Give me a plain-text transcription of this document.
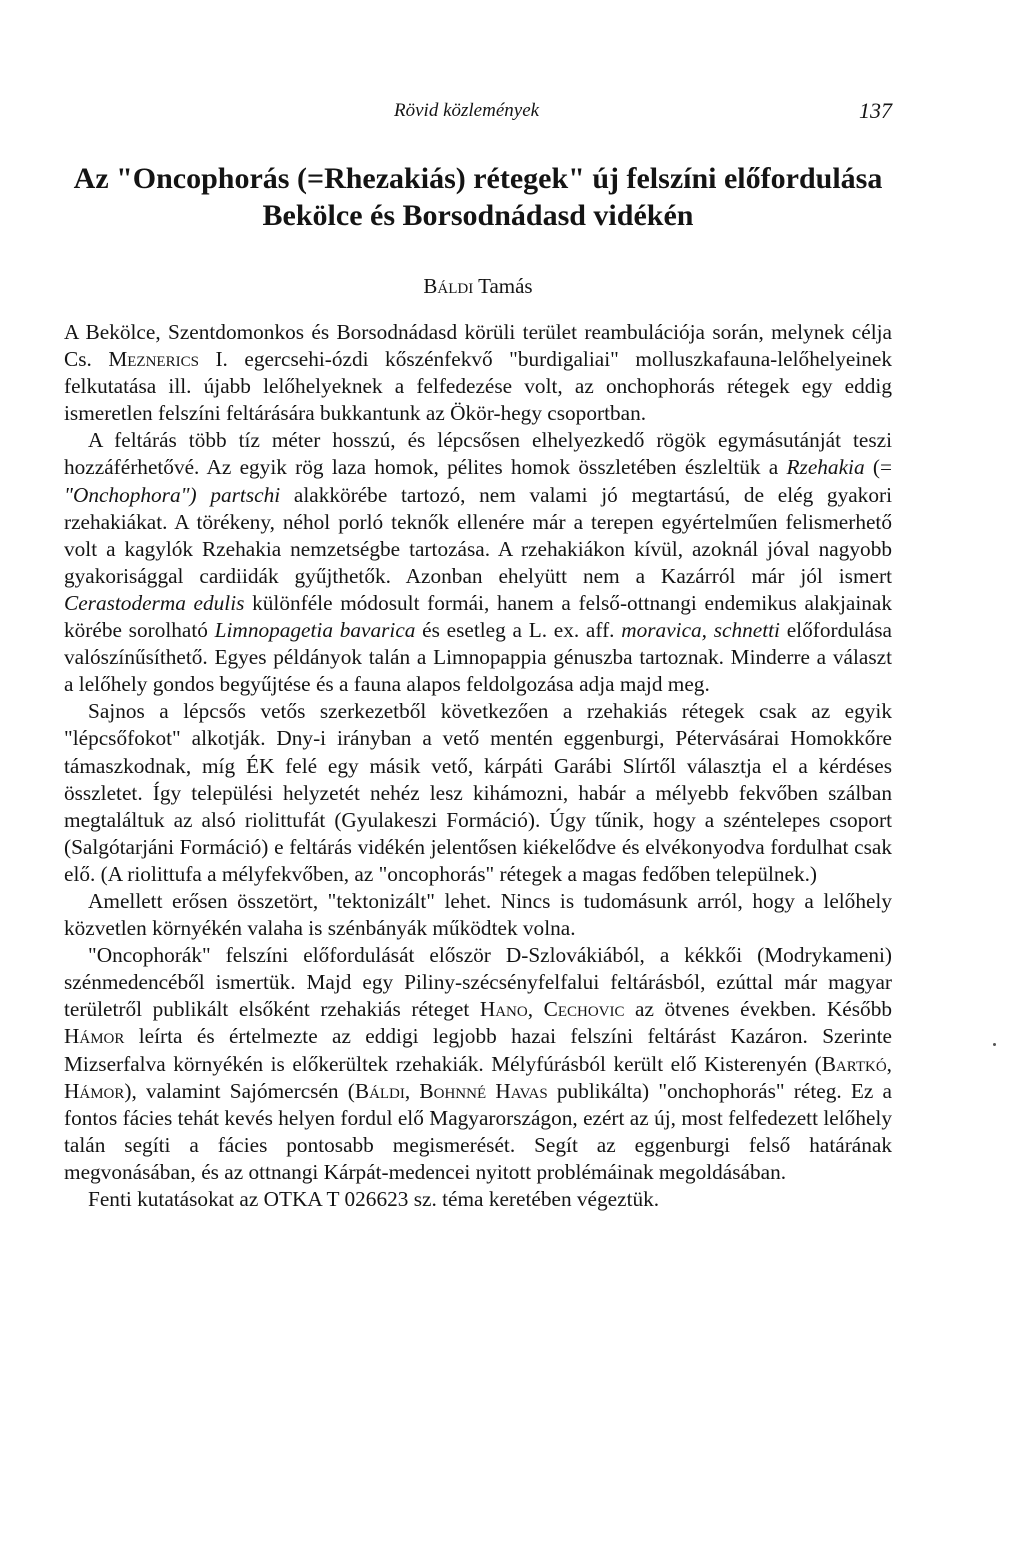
Rövid közlemények	137
Az "Oncophorás (=Rhezakiás) rétegek" új felszíni előfordulása
Bekölce és Borsodnádasd vidékén
Báldi Tamás

A Bekölce, Szentdomonkos és Borsodnádasd körüli terület reambulációja során, melynek célja Cs. Meznerics I. egercsehi-ózdi kőszénfekvő "burdigaliai" molluszkafauna-lelőhelyeinek felkutatása ill. újabb lelőhelyeknek a felfedezése volt, az onchophorás rétegek egy eddig ismeretlen felszíni feltárására bukkantunk az Ökör-hegy csoportban.

A feltárás több tíz méter hosszú, és lépcsősen elhelyezkedő rögök egymásutánját teszi hozzáférhetővé. Az egyik rög laza homok, pélites homok összletében észleltük a Rzehakia (= "Onchophora") partschi alakkörébe tartozó, nem valami jó megtartású, de elég gyakori rzehakiákat. A törékeny, néhol porló teknők ellenére már a terepen egyértelműen felismerhető volt a kagylók Rzehakia nemzetségbe tartozása. A rzehakiákon kívül, azoknál jóval nagyobb gyakorisággal cardiidák gyűjthetők. Azonban ehelyütt nem a Kazárról már jól ismert Cerastoderma edulis különféle módosult formái, hanem a felső-ottnangi endemikus alakjainak körébe sorolható Limnopagetia bavarica és esetleg a L. ex. aff. moravica, schnetti előfordulása valószínűsíthető. Egyes példányok talán a Limnopappia génuszba tartoznak. Minderre a választ a lelőhely gondos begyűjtése és a fauna alapos feldolgozása adja majd meg.

Sajnos a lépcsős vetős szerkezetből következően a rzehakiás rétegek csak az egyik "lépcsőfokot" alkotják. Dny-i irányban a vető mentén eggenburgi, Pétervásárai Homokkőre támaszkodnak, míg ÉK felé egy másik vető, kárpáti Garábi Slírtől választja el a kérdéses összletet. Így települési helyzetét nehéz lesz kihámozni, habár a mélyebb fekvőben szálban megtaláltuk az alsó riolittufát (Gyulakeszi Formáció). Úgy tűnik, hogy a széntelepes csoport (Salgótarjáni Formáció) e feltárás vidékén jelentősen kiékelődve és elvékonyodva fordulhat csak elő. (A riolittufa a mélyfekvőben, az "oncophorás" rétegek a magas fedőben települnek.)

Amellett erősen összetört, "tektonizált" lehet. Nincs is tudomásunk arról, hogy a lelőhely közvetlen környékén valaha is szénbányák működtek volna.

"Oncophorák" felszíni előfordulását először D-Szlovákiából, a kékkői (Modrykameni) szénmedencéből ismertük. Majd egy Piliny-szécsényfelfalui feltárásból, ezúttal már magyar területről publikált elsőként rzehakiás réteget Hano, Cechovic az ötvenes években. Később Hámor leírta és értelmezte az eddigi legjobb hazai felszíni feltárást Kazáron. Szerinte Mizserfalva környékén is előkerültek rzehakiák. Mélyfúrásból került elő Kisterenyén (Bartkó, Hámor), valamint Sajómercsén (Báldi, Bohnné Havas publikálta) "onchophorás" réteg. Ez a fontos fácies tehát kevés helyen fordul elő Magyarországon, ezért az új, most felfedezett lelőhely talán segíti a fácies pontosabb megismerését. Segít az eggenburgi felső határának megvonásában, és az ottnangi Kárpát-medencei nyitott problémáinak megoldásában.

Fenti kutatásokat az OTKA T 026623 sz. téma keretében végeztük.
